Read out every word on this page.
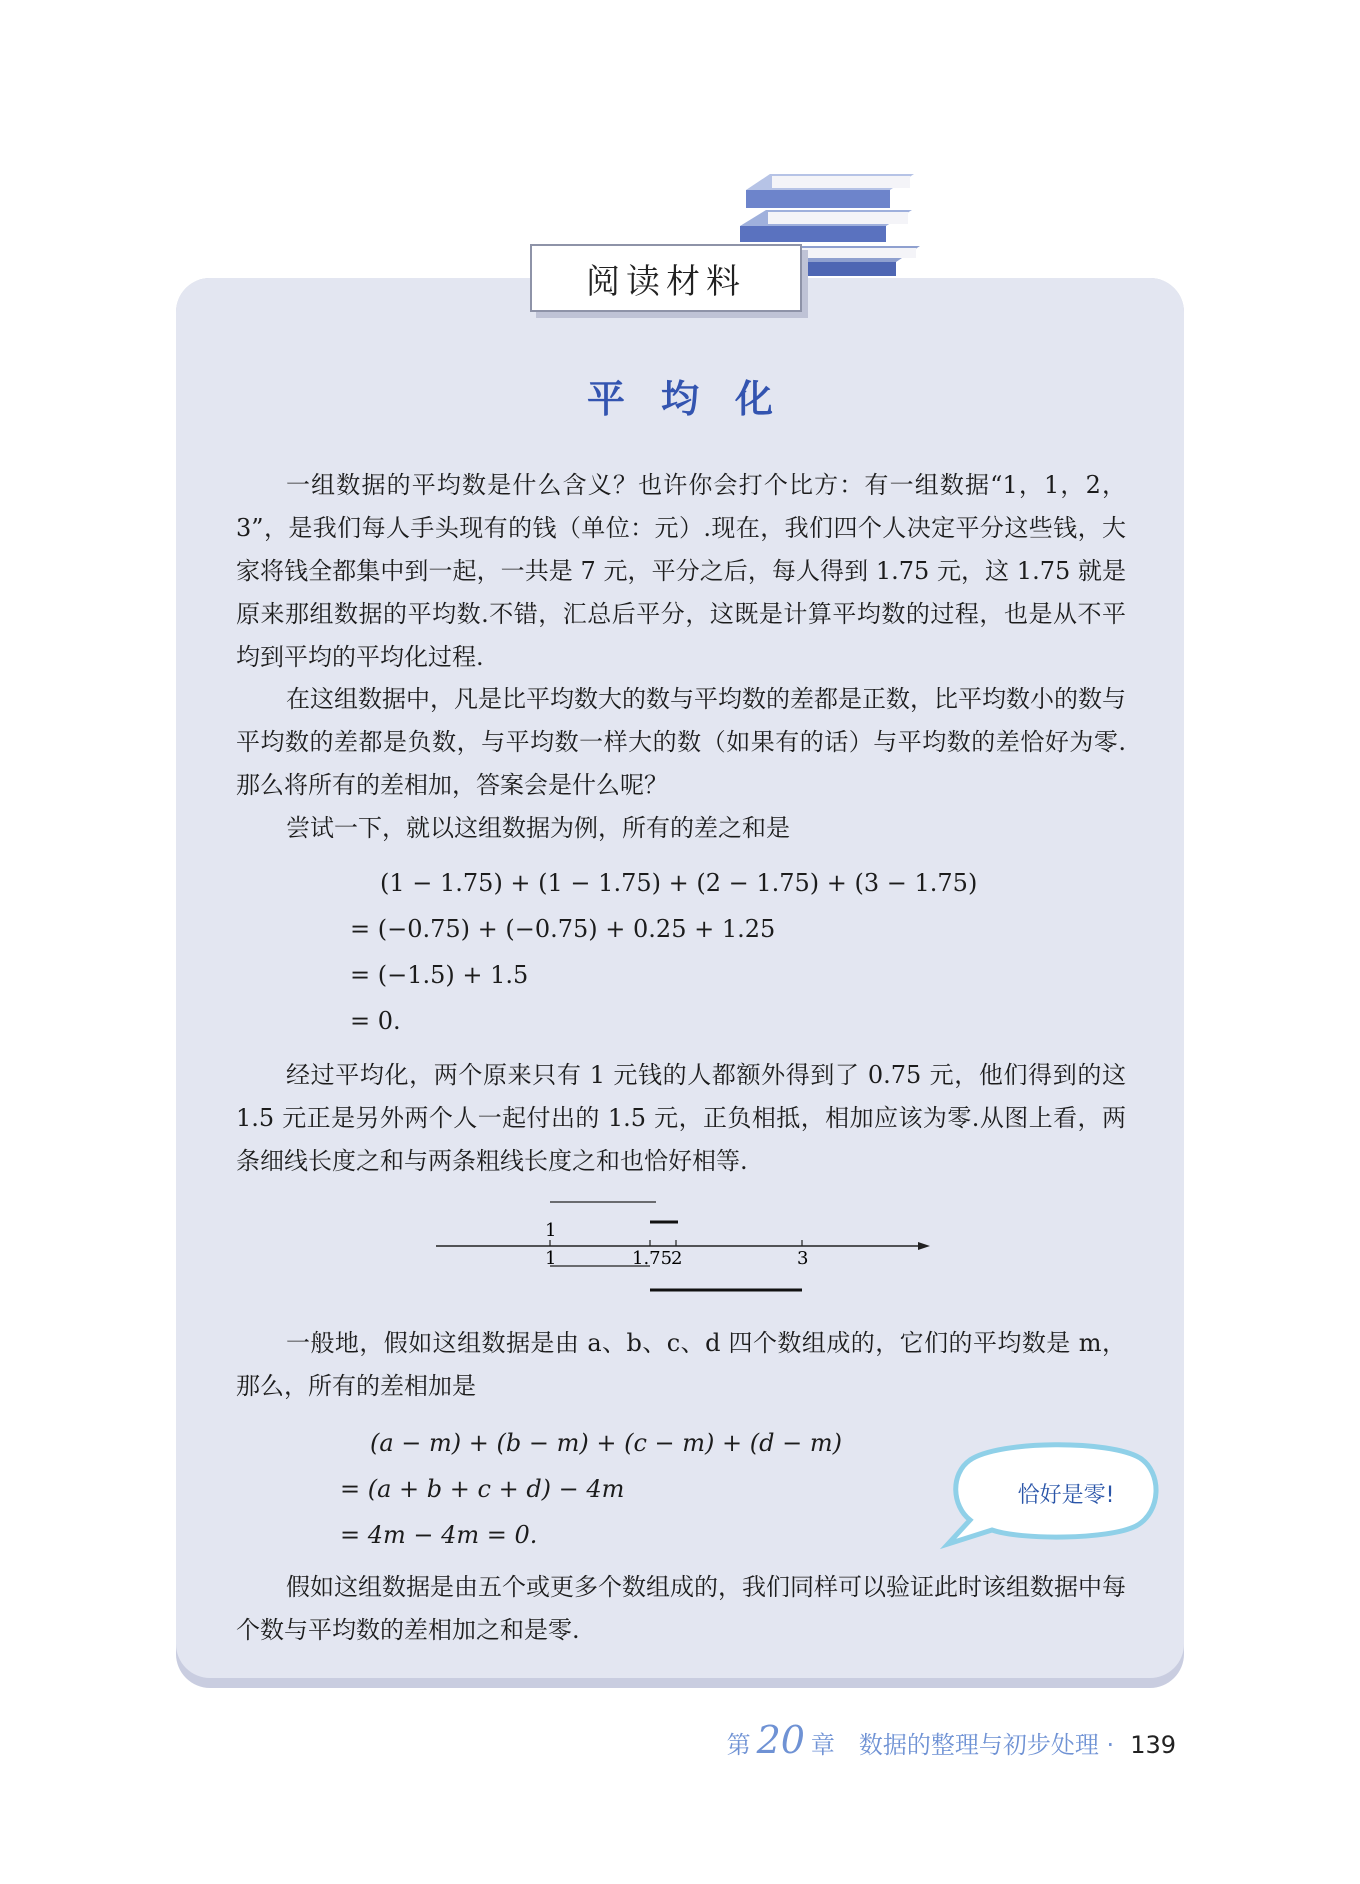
阅读材料
平均化

一组数据的平均数是什么含义？也许你会打个比方：有一组数据“1，1，2，3”，是我们每人手头现有的钱（单位：元）.现在，我们四个人决定平分这些钱，大家将钱全都集中到一起，一共是 7 元，平分之后，每人得到 1.75 元，这 1.75 就是原来那组数据的平均数.不错，汇总后平分，这既是计算平均数的过程，也是从不平均到平均的平均化过程.

在这组数据中，凡是比平均数大的数与平均数的差都是正数，比平均数小的数与平均数的差都是负数，与平均数一样大的数（如果有的话）与平均数的差恰好为零.那么将所有的差相加，答案会是什么呢？

尝试一下，就以这组数据为例，所有的差之和是

(1 − 1.75) + (1 − 1.75) + (2 − 1.75) + (3 − 1.75)
= (−0.75) + (−0.75) + 0.25 + 1.25
= (−1.5) + 1.5
= 0.

经过平均化，两个原来只有 1 元钱的人都额外得到了 0.75 元，他们得到的这 1.5 元正是另外两个人一起付出的 1.5 元，正负相抵，相加应该为零.从图上看，两条细线长度之和与两条粗线长度之和也恰好相等.

1
1	1.75
2	3

一般地，假如这组数据是由 a、b、c、d 四个数组成的，它们的平均数是 m，那么，所有的差相加是

(a − m) + (b − m) + (c − m) + (d − m)
= (a + b + c + d) − 4m
= 4m − 4m = 0.
恰好是零!

假如这组数据是由五个或更多个数组成的，我们同样可以验证此时该组数据中每个数与平均数的差相加之和是零.

第 20 章 数据的整理与初步处理 · 139
